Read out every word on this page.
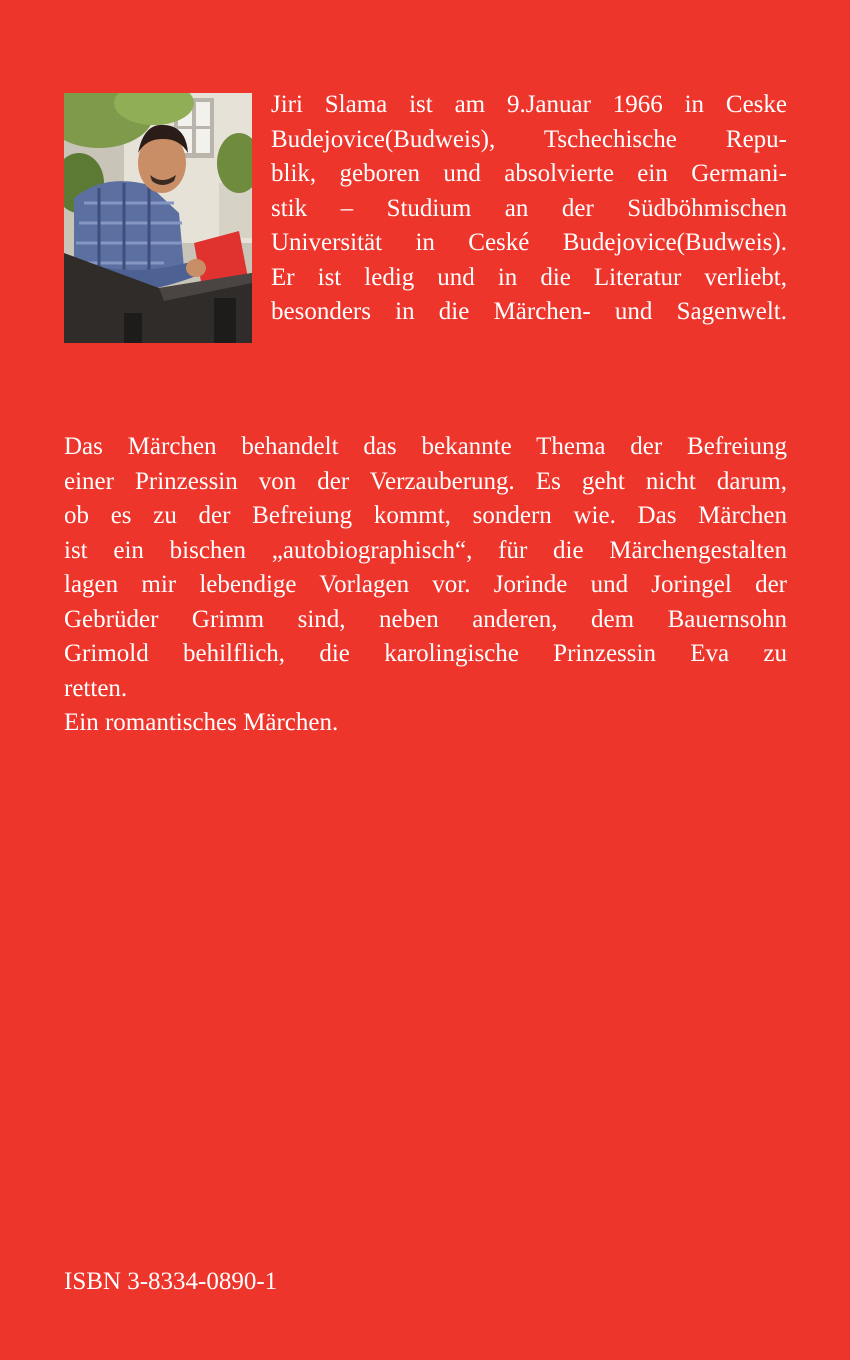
Jiri Slama ist am 9.Januar 1966 in Ceske
Budejovice(Budweis), Tschechische Repu-
blik, geboren und absolvierte ein Germani-
stik – Studium an der Südböhmischen
Universität in Ceské Budejovice(Budweis).
Er ist ledig und in die Literatur verliebt,
besonders in die Märchen- und Sagenwelt.

Das Märchen behandelt das bekannte Thema der Befreiung
einer Prinzessin von der Verzauberung. Es geht nicht darum,
ob es zu der Befreiung kommt, sondern wie. Das Märchen
ist ein bischen „autobiographisch“, für die Märchengestalten
lagen mir lebendige Vorlagen vor. Jorinde und Joringel der
Gebrüder Grimm sind, neben anderen, dem Bauernsohn
Grimold behilflich, die karolingische Prinzessin Eva zu
retten.
Ein romantisches Märchen.

ISBN 3-8334-0890-1
